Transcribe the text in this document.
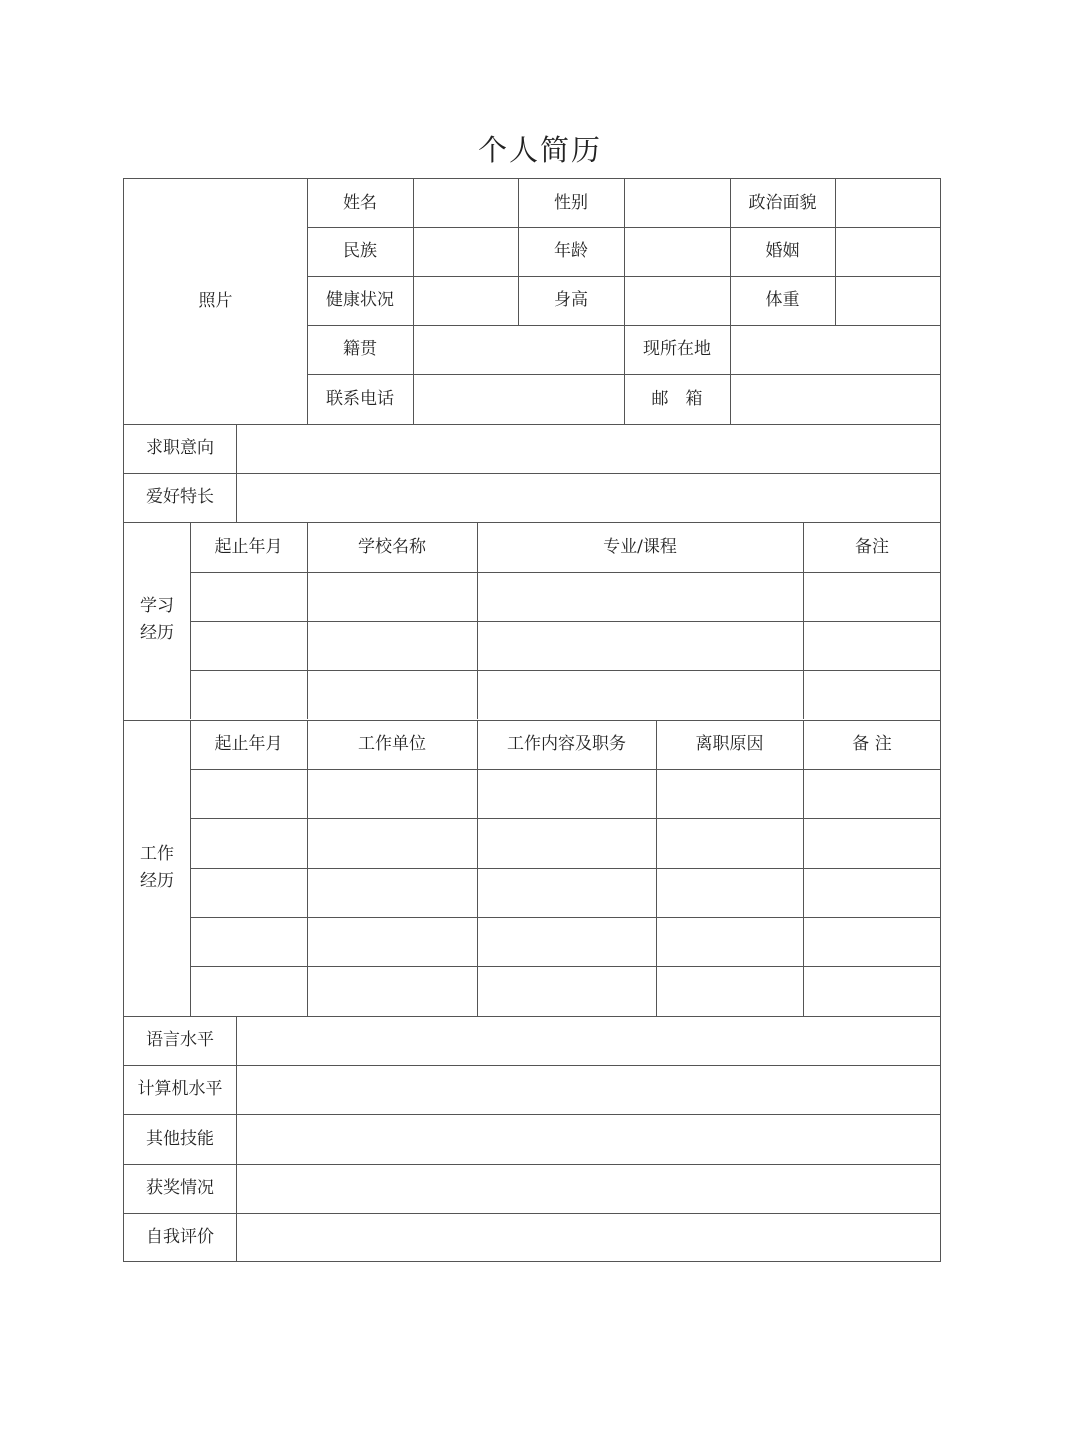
个人简历
照片
姓名	性别	政治面貌
民族	年龄	婚姻
健康状况	身高	体重
籍贯	现所在地
联系电话	邮　箱
求职意向
爱好特长
学习
经历
起止年月	学校名称	专业/课程	备注
工作
经历
起止年月	工作单位	工作内容及职务	离职原因	备 注
语言水平
计算机水平
其他技能
获奖情况
自我评价
